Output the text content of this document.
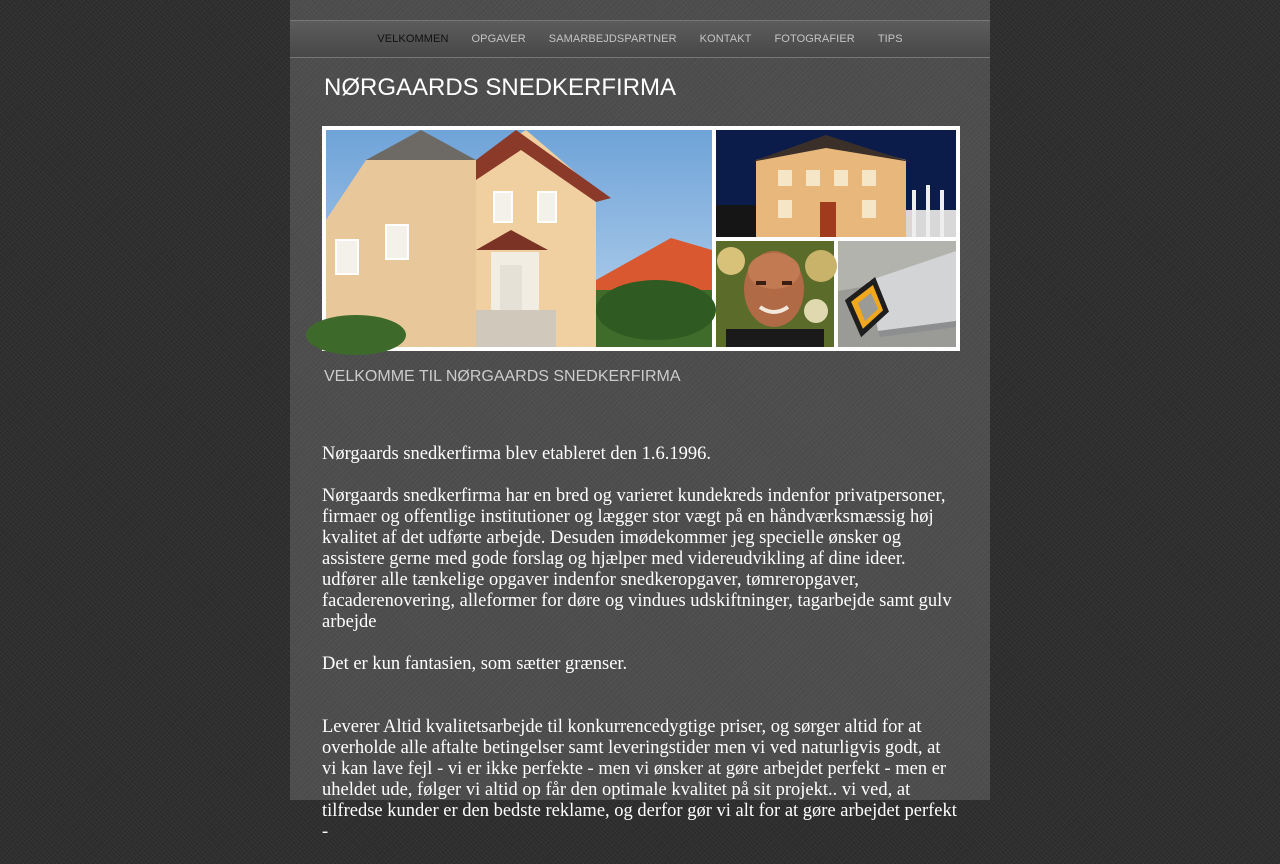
VELKOMMEN OPGAVER SAMARBEJDSPARTNER KONTAKT FOTOGRAFIER TIPS
NØRGAARDS SNEDKERFIRMA
VELKOMME TIL NØRGAARDS SNEDKERFIRMA

Nørgaards snedkerfirma blev etableret den 1.6.1996.

Nørgaards snedkerfirma har en bred og varieret kundekreds indenfor privatpersoner, firmaer og offentlige institutioner og lægger stor vægt på en håndværksmæssig høj kvalitet af det udførte arbejde. Desuden imødekommer jeg specielle ønsker og assistere gerne med gode forslag og hjælper med videreudvikling af dine ideer. udfører alle tænkelige opgaver indenfor snedkeropgaver, tømreropgaver, facaderenovering, alleformer for døre og vindues udskiftninger, tagarbejde samt gulv arbejde

Det er kun fantasien, som sætter grænser.

Leverer Altid kvalitetsarbejde til konkurrencedygtige priser, og sørger altid for at overholde alle aftalte betingelser samt leveringstider men vi ved naturligvis godt, at vi kan lave fejl - vi er ikke perfekte - men vi ønsker at gøre arbejdet perfekt - men er uheldet ude, følger vi altid op får den optimale kvalitet på sit projekt.. vi ved, at tilfredse kunder er den bedste reklame, og derfor gør vi alt for at gøre arbejdet perfekt -
